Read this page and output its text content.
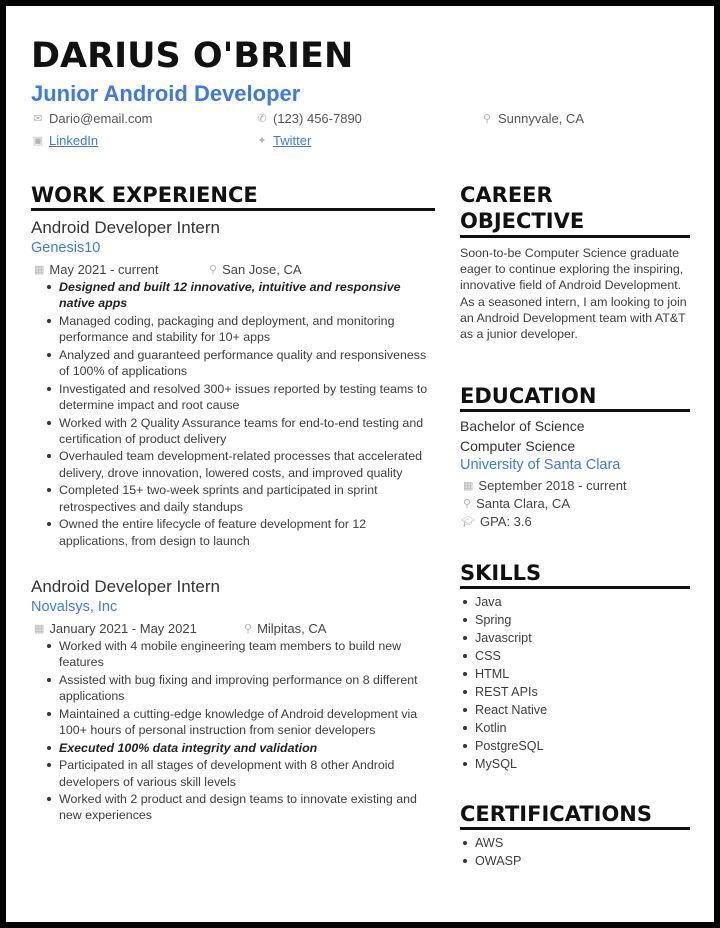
DARIUS O'BRIEN
Junior Android Developer
✉ Dario@email.com	✆ (123) 456-7890	⚲ Sunnyvale, CA
▣ LinkedIn	✦ Twitter
WORK EXPERIENCE
Android Developer Intern
Genesis10
▦ May 2021 - current	⚲ San Jose, CA
Designed and built 12 innovative, intuitive and responsive native apps
Managed coding, packaging and deployment, and monitoring performance and stability for 10+ apps
Analyzed and guaranteed performance quality and responsiveness of 100% of applications
Investigated and resolved 300+ issues reported by testing teams to determine impact and root cause
Worked with 2 Quality Assurance teams for end-to-end testing and certification of product delivery
Overhauled team development-related processes that accelerated delivery, drove innovation, lowered costs, and improved quality
Completed 15+ two-week sprints and participated in sprint retrospectives and daily standups
Owned the entire lifecycle of feature development for 12 applications, from design to launch
Android Developer Intern
Novalsys, Inc
▦ January 2021 - May 2021	⚲ Milpitas, CA
Worked with 4 mobile engineering team members to build new features
Assisted with bug fixing and improving performance on 8 different applications
Maintained a cutting-edge knowledge of Android development via 100+ hours of personal instruction from senior developers
Executed 100% data integrity and validation
Participated in all stages of development with 8 other Android developers of various skill levels
Worked with 2 product and design teams to innovate existing and new experiences
CAREER
OBJECTIVE
Soon-to-be Computer Science graduate eager to continue exploring the inspiring, innovative field of Android Development. As a seasoned intern, I am looking to join an Android Development team with AT&T as a junior developer.
EDUCATION
Bachelor of Science
Computer Science
University of Santa Clara
▦ September 2018 - current
⚲ Santa Clara, CA
🎓︎ GPA: 3.6
SKILLS
Java
Spring
Javascript
CSS
HTML
REST APIs
React Native
Kotlin
PostgreSQL
MySQL
CERTIFICATIONS
AWS
OWASP
